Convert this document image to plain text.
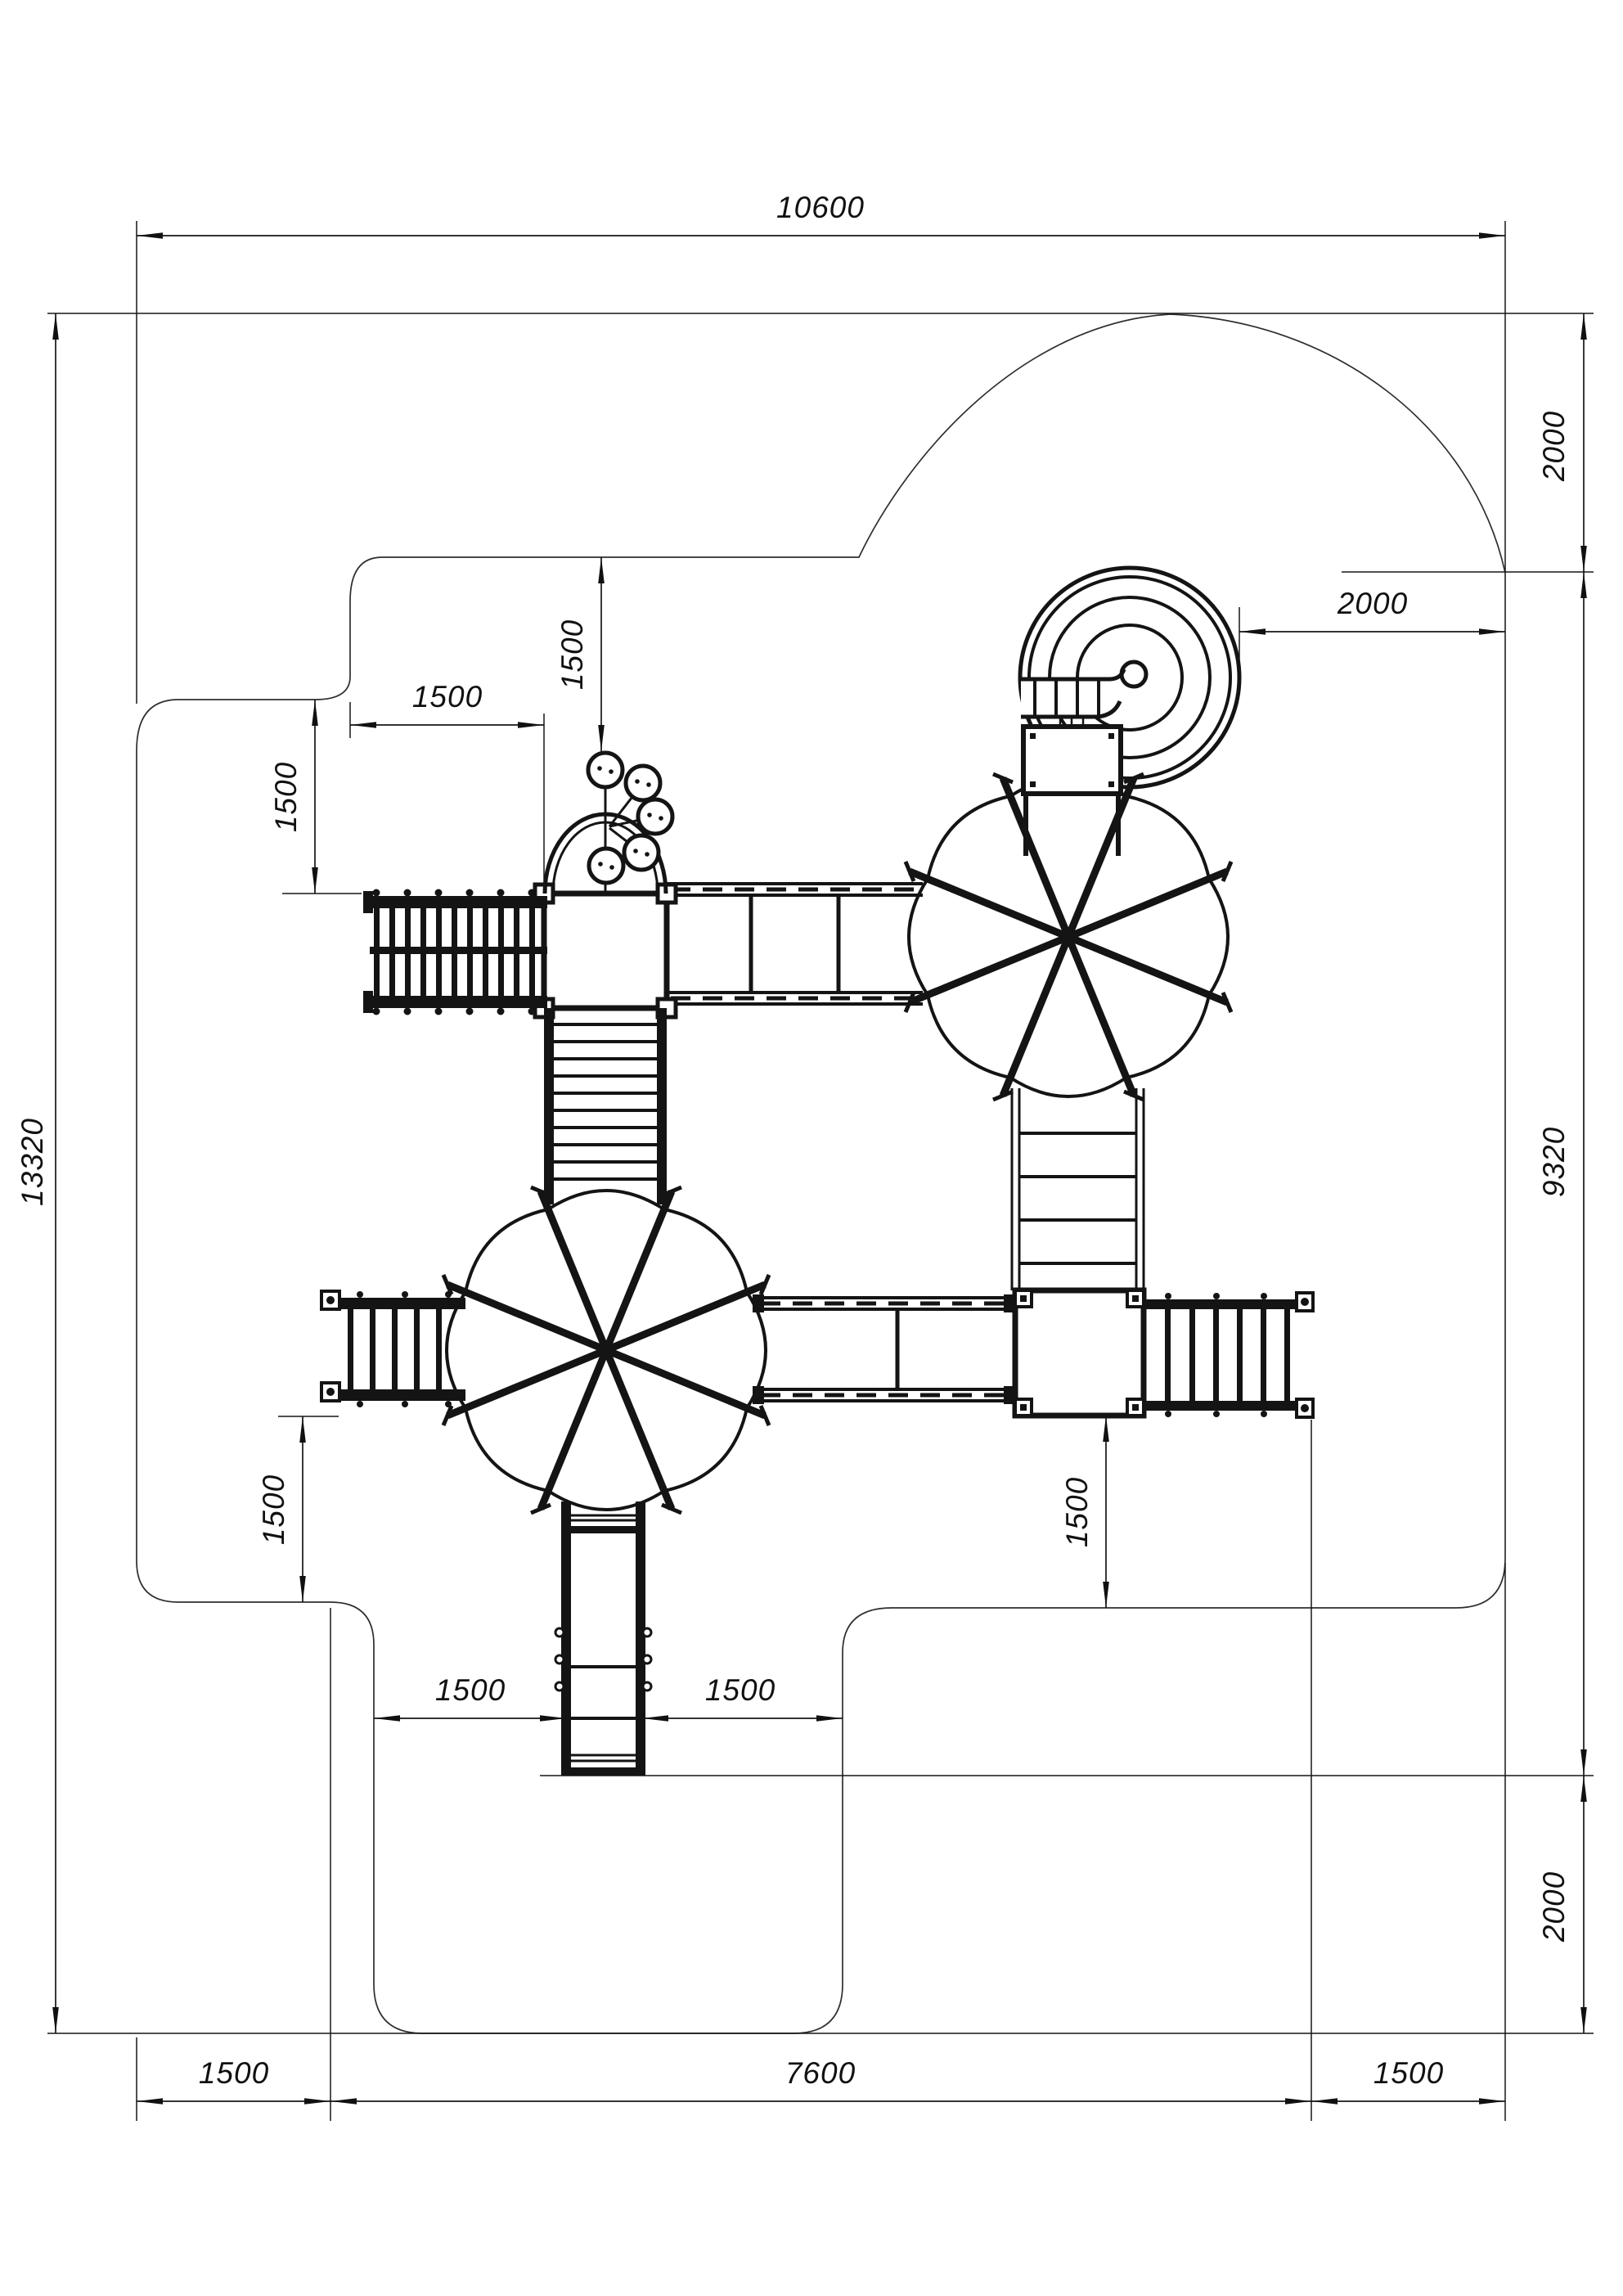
10600
13320
2000
9320
2000
2000
1500
1500
1500
1500	1500
1500	1500
1500	7600	1500
